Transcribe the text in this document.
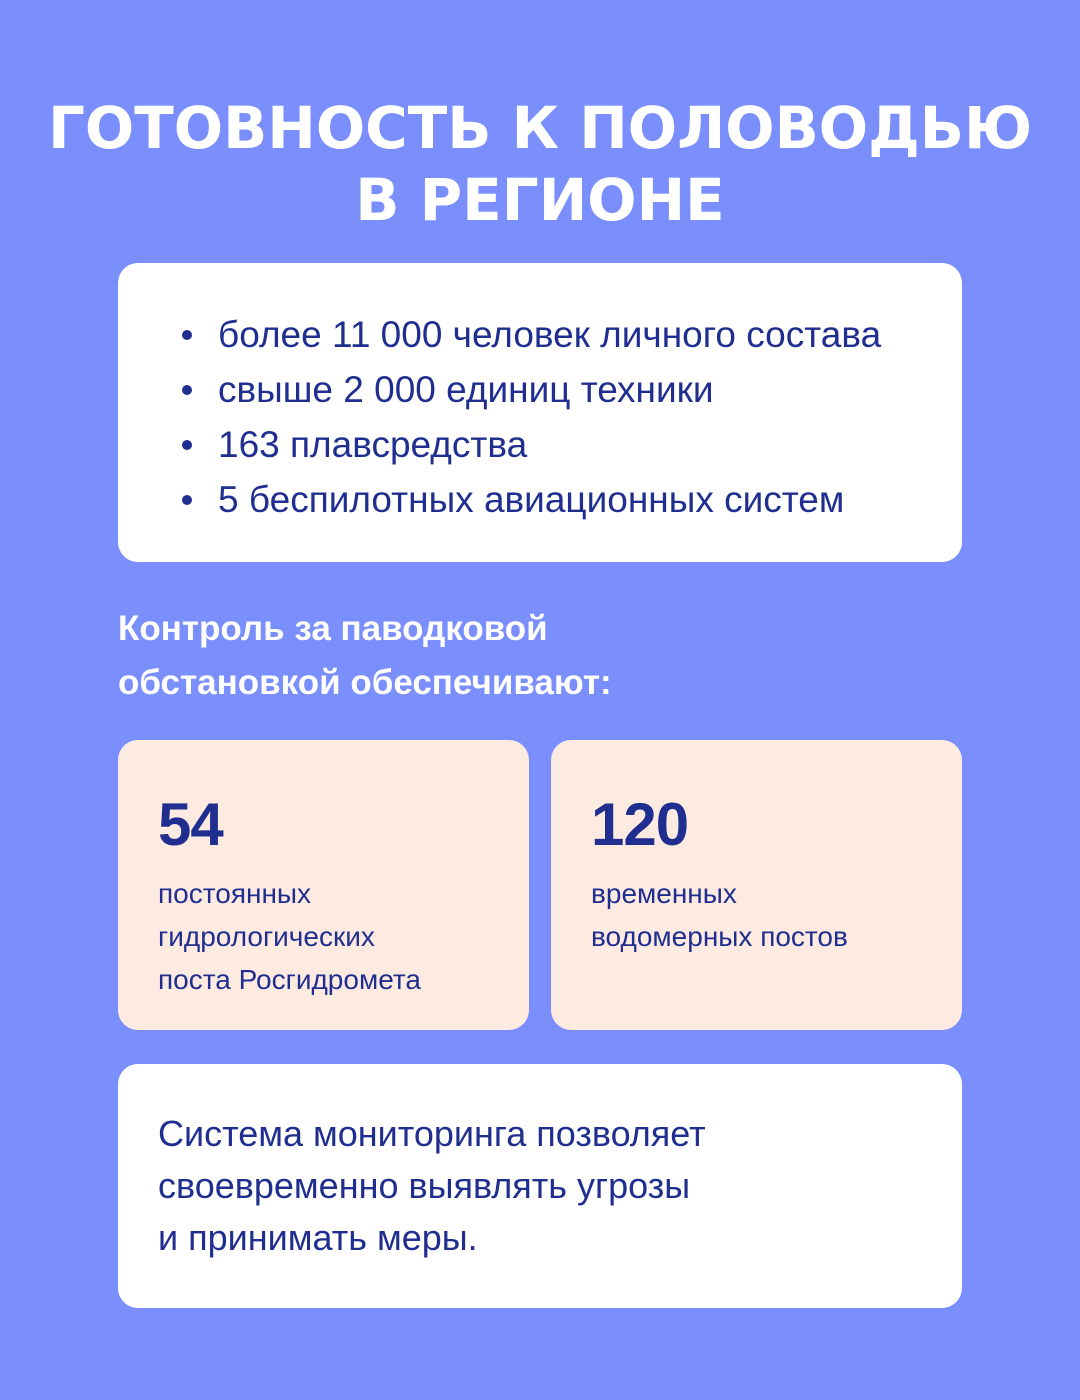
ГОТОВНОСТЬ К ПОЛОВОДЬЮ
В РЕГИОНЕ
более 11 000 человек личного состава
свыше 2 000 единиц техники
163 плавсредства
5 беспилотных авиационных систем
Контроль за паводковой
обстановкой обеспечивают:
54
постоянных
гидрологических
поста Росгидромета
120
временных
водомерных постов
Система мониторинга позволяет
своевременно выявлять угрозы
и принимать меры.
